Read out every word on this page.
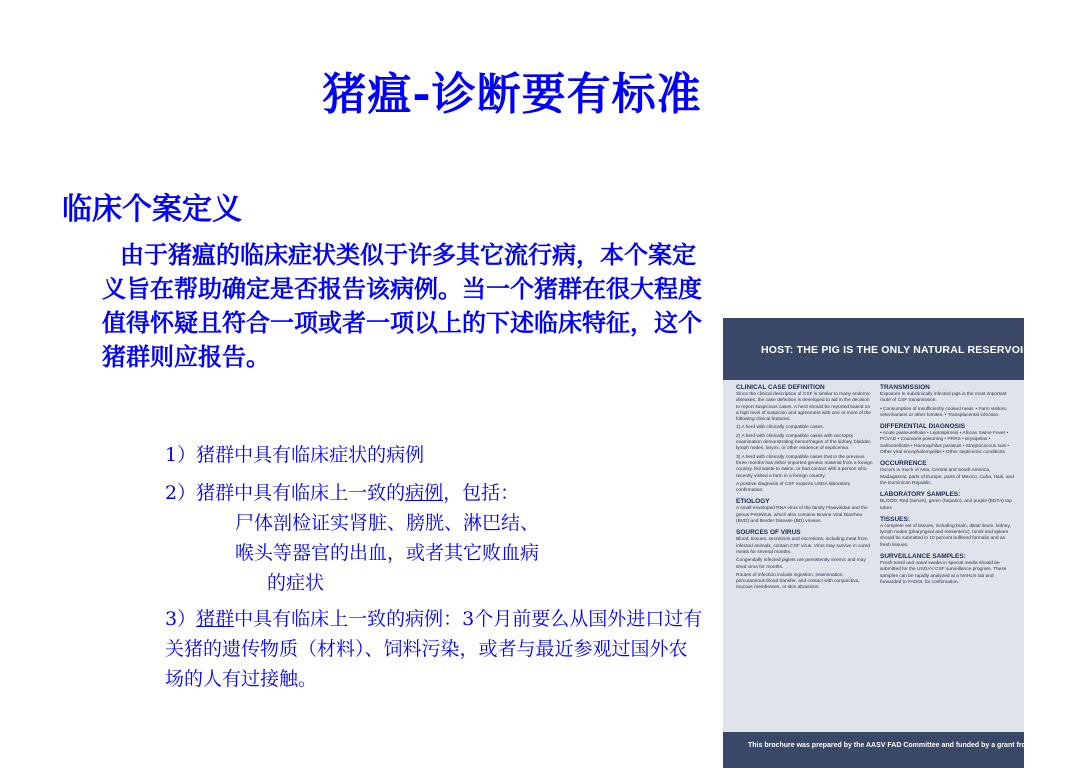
猪瘟-诊断要有标准
临床个案定义

由于猪瘟的临床症状类似于许多其它流行病，本个案定义旨在帮助确定是否报告该病例。当一个猪群在很大程度值得怀疑且符合一项或者一项以上的下述临床特征，这个猪群则应报告。

1）猪群中具有临床症状的病例

2）猪群中具有临床上一致的病例，包括：
尸体剖检证实肾脏、膀胱、淋巴结、
喉头等器官的出血，或者其它败血病
的症状

3）猪群中具有临床上一致的病例：3个月前要么从国外进口过有关猪的遗传物质（材料）、饲料污染，或者与最近参观过国外农场的人有过接触。

HOST: THE PIG IS THE ONLY NATURAL RESERVOIR
CLINICAL CASE DEFINITION

Since the clinical description of CSF is similar to many endemic diseases, the case definition is developed to aid in the decision to report suspicious cases. A herd should be reported based on a high level of suspicion and agreement with one or more of the following clinical features:

1) A herd with clinically compatible cases.

2) A herd with clinically compatible cases with necropsy examination demonstrating hemorrhages of the kidney, bladder, lymph nodes, larynx, or other evidence of septicemia.

3) A herd with clinically compatible cases that in the previous three months has either imported genetic material from a foreign country, fed waste to swine, or had contact with a person who recently visited a farm in a foreign country.

A positive diagnosis of CSF requires USDA laboratory confirmation.

ETIOLOGY

A small enveloped RNA virus of the family Flaviviridae and the genus Pestivirus, which also contains Bovine Viral Diarrhea (BVD) and Border Disease (BD) viruses.

SOURCES OF VIRUS

Blood, tissues, secretions and excretions, including meat from infected animals, contain CSF virus. Virus may survive in cured meats for several months.

Congenitally infected piglets are persistently viremic and may shed virus for months.

Routes of infection include ingestion, insemination, percutaneous blood transfer, and contact with conjunctiva, mucous membranes, or skin abrasions.

TRANSMISSION

Exposure to subclinically infected pigs is the most important route of CSF transmission.

• Consumption of insufficiently cooked meat. • Farm visitors, veterinarians or other fomites. • Transplacental infection.

DIFFERENTIAL DIAGNOSIS

• Acute pasteurellosis • Leptospirosis • African Swine Fever • PCVAD • Coumarin poisoning • PRRS • Erysipelas • Salmonellosis • Haemophilus parasuis • Streptococcus suis • Other viral encephalomyelitis • Other septicemic conditions

OCCURRENCE

Occurs in much of Asia, Central and South America, Madagascar, parts of Europe, parts of Mexico, Cuba, Haiti, and the Dominican Republic.

LABORATORY SAMPLES:

BLOOD: Red (serum), green (heparin), and purple (EDTA) top tubes

TISSUES:

A complete set of tissues, including brain, distal ileum, kidney, lymph nodes (pharyngeal and mesenteric), tonsil and spleen should be submitted in 10 percent buffered formalin and as fresh tissues.

SURVEILLANCE SAMPLES:

Fresh tonsil and nasal swabs in special media should be submitted for the USDA's CSF surveillance program. These samples can be rapidly analyzed at a NAHLN lab and forwarded to FADDL for confirmation.

This brochure was prepared by the AASV FAD Committee and funded by a grant from the USDA.
